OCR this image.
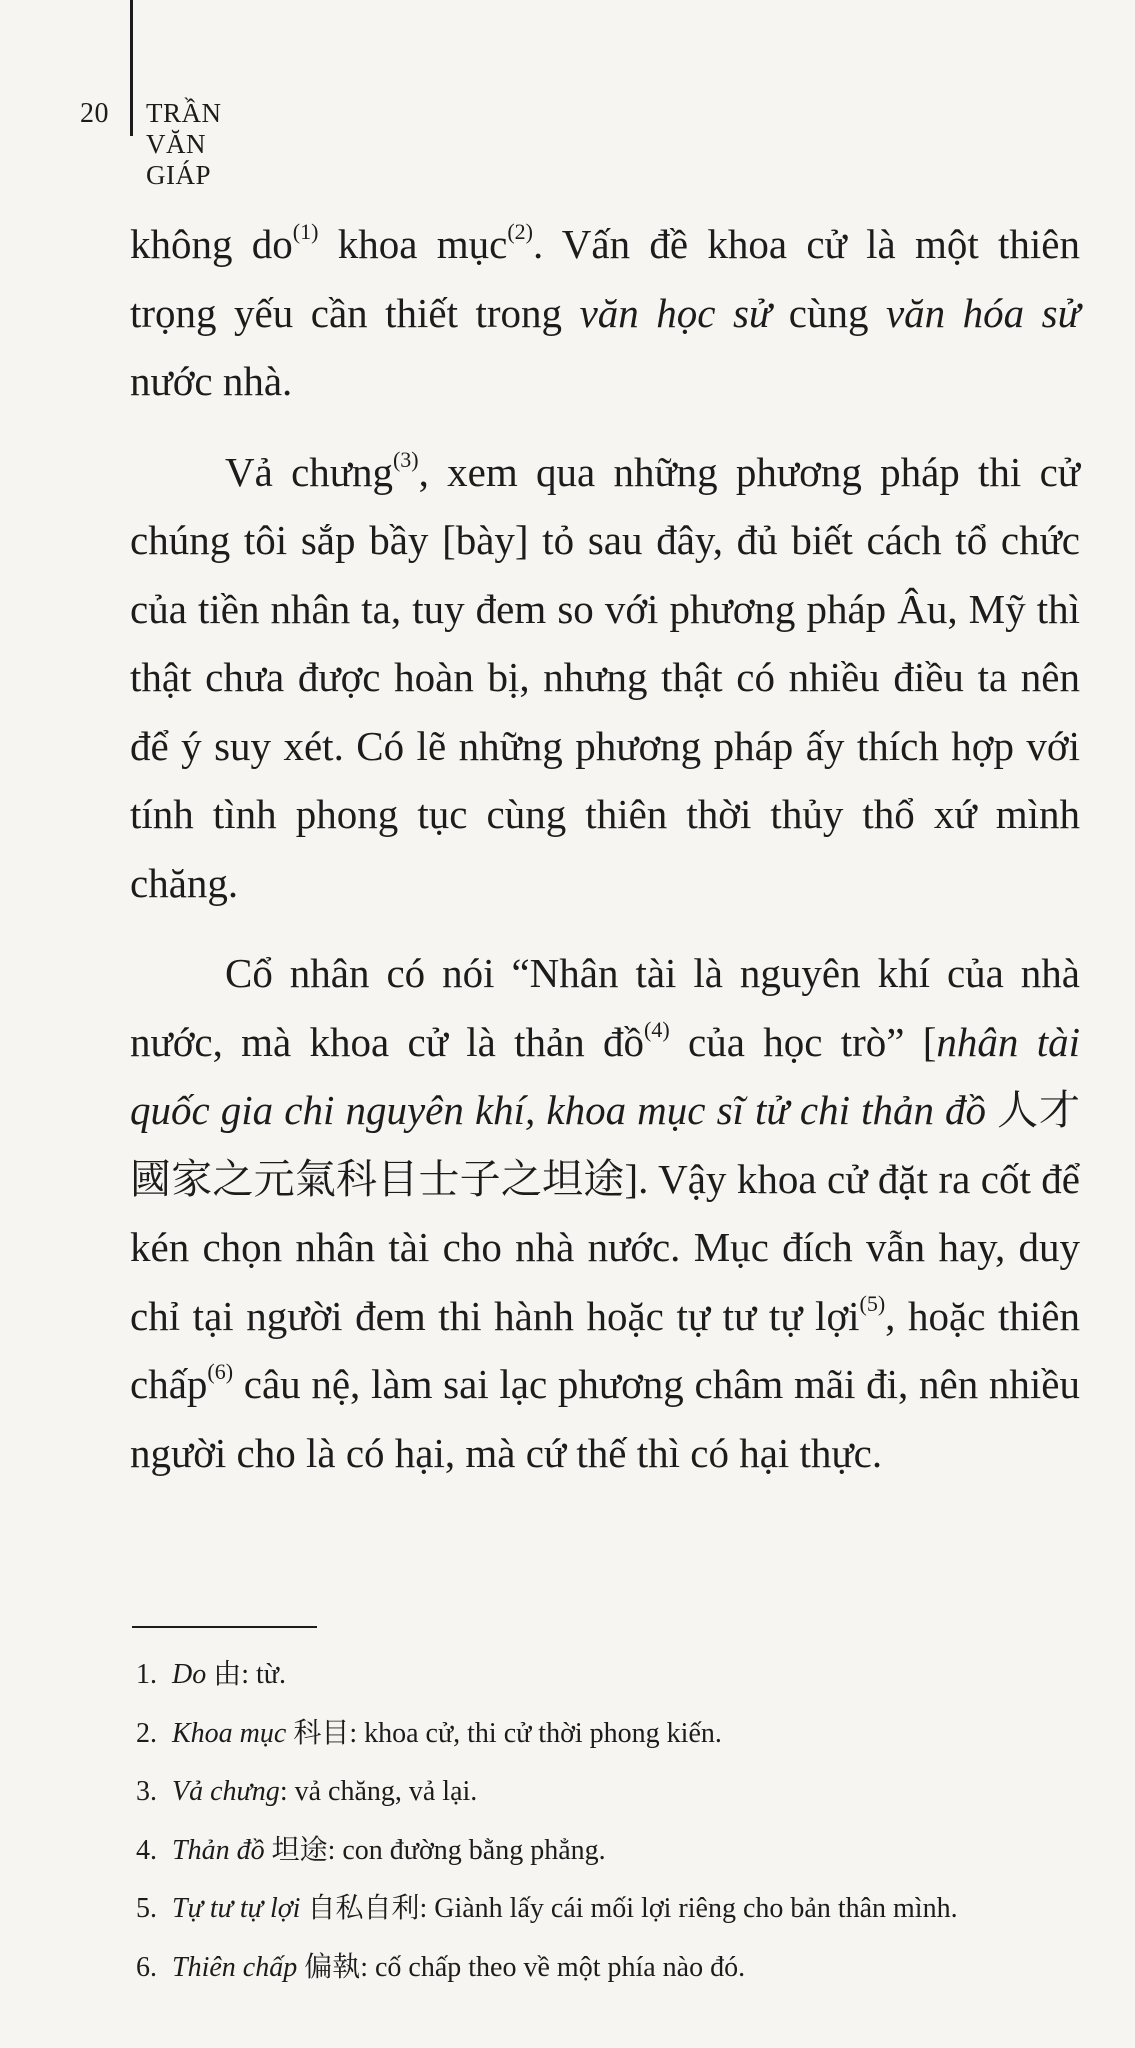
20 TRẦN VĂN GIÁP

không $do^{(1)}$ khoa mục$^{(2)}$. Vấn đề khoa cử là một thiên trọng yếu cần thiết trong văn học sử cùng văn hóa sử nước nhà.

Vả chưng$^{(3)}$, xem qua những phương pháp thi cử chúng tôi sắp bầy [bày] tỏ sau đây, đủ biết cách tổ chức của tiền nhân ta, tuy đem so với phương pháp Âu, Mỹ thì thật chưa được hoàn bị, nhưng thật có nhiều điều ta nên để ý suy xét. Có lẽ những phương pháp ấy thích hợp với tính tình phong tục cùng thiên thời thủy thổ xứ mình chăng.

Cổ nhân có nói “Nhân tài là nguyên khí của nhà nước, mà khoa cử là thản đồ$^{(4)}$ của học trò” [nhân tài quốc gia chi nguyên khí, khoa mục sĩ tử chi thản đồ 人才國家之元氣科目士子之坦途]. Vậy khoa cử đặt ra cốt để kén chọn nhân tài cho nhà nước. Mục đích vẫn hay, duy chỉ tại người đem thi hành hoặc tự tư tự lợi$^{(5)}$, hoặc thiên chấp$^{(6)}$ câu nệ, làm sai lạc phương châm mãi đi, nên nhiều người cho là có hại, mà cứ thế thì có hại thực.

1. Do 由: từ.
2. Khoa mục 科目: khoa cử, thi cử thời phong kiến.
3. Vả chưng: vả chăng, vả lại.
4. Thản đồ 坦途: con đường bằng phẳng.
5. Tự tư tự lợi 自私自利: Giành lấy cái mối lợi riêng cho bản thân mình.
6. Thiên chấp 偏執: cố chấp theo về một phía nào đó.
